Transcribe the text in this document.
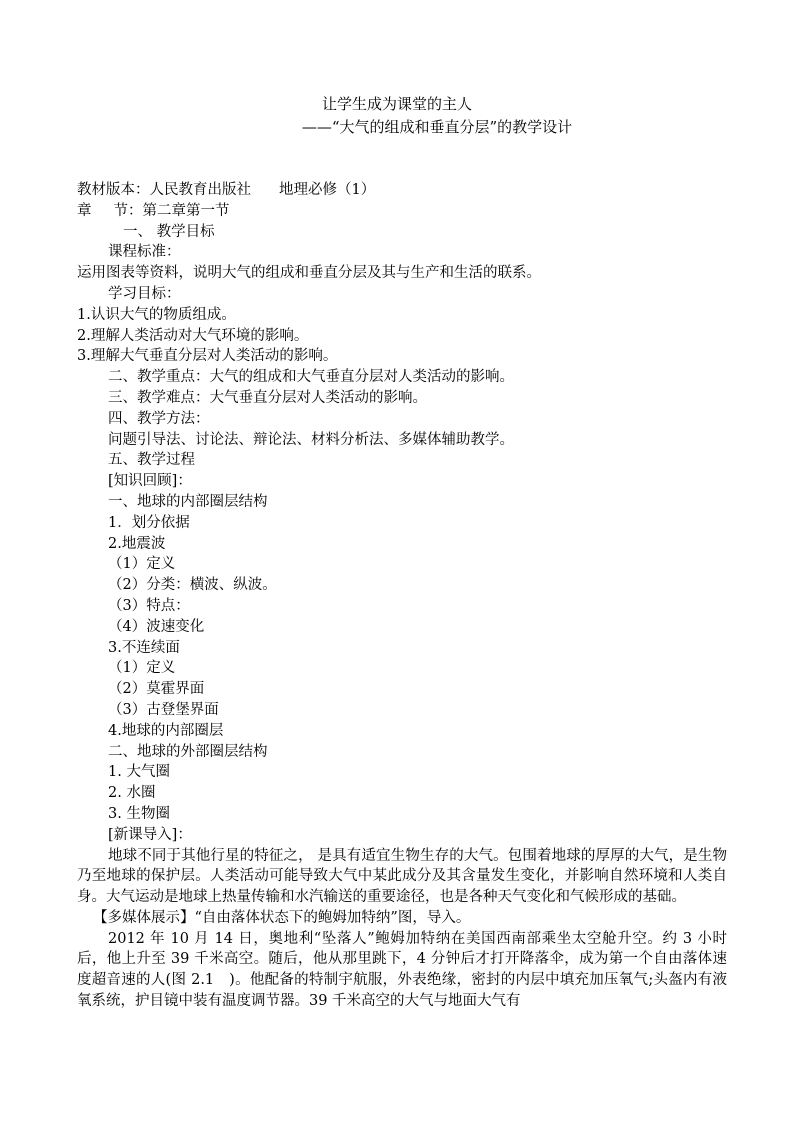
让学生成为课堂的主人
——“大气的组成和垂直分层”的教学设计
教材版本：人民教育出版社 地理必修（1）
章 节：第二章第一节
一、 教学目标
课程标准：
运用图表等资料，说明大气的组成和垂直分层及其与生产和生活的联系。
学习目标：
1.认识大气的物质组成。
2.理解人类活动对大气环境的影响。
3.理解大气垂直分层对人类活动的影响。
二、教学重点：大气的组成和大气垂直分层对人类活动的影响。
三、教学难点：大气垂直分层对人类活动的影响。
四、教学方法：
问题引导法、讨论法、辩论法、材料分析法、多媒体辅助教学。
五、教学过程
[知识回顾]：
一、地球的内部圈层结构
1．划分依据
2.地震波
（1）定义
（2）分类：横波、纵波。
（3）特点：
（4）波速变化
3.不连续面
（1）定义
（2）莫霍界面
（3）古登堡界面
4.地球的内部圈层
二、地球的外部圈层结构
1. 大气圈
2. 水圈
3. 生物圈
[新课导入]：
地球不同于其他行星的特征之， 是具有适宜生物生存的大气。包围着地球的厚厚的大气，是生物乃至地球的保护层。人类活动可能导致大气中某此成分及其含量发生变化，并影响自然环境和人类自身。大气运动是地球上热量传输和水汽输送的重要途径，也是各种天气变化和气候形成的基础。
【多媒体展示】“自由落体状态下的鲍姆加特纳”图，导入。
2012 年 10 月 14 日，奥地利“坠落人”鲍姆加特纳在美国西南部乘坐太空舱升空。约 3 小时后，他上升至 39 千米高空。随后，他从那里跳下，4 分钟后才打开降落伞，成为第一个自由落体速度超音速的人(图 2.1　)。他配备的特制宇航服，外表绝缘，密封的内层中填充加压氧气;头盔内有液氧系统，护目镜中装有温度调节器。39 千米高空的大气与地面大气有
